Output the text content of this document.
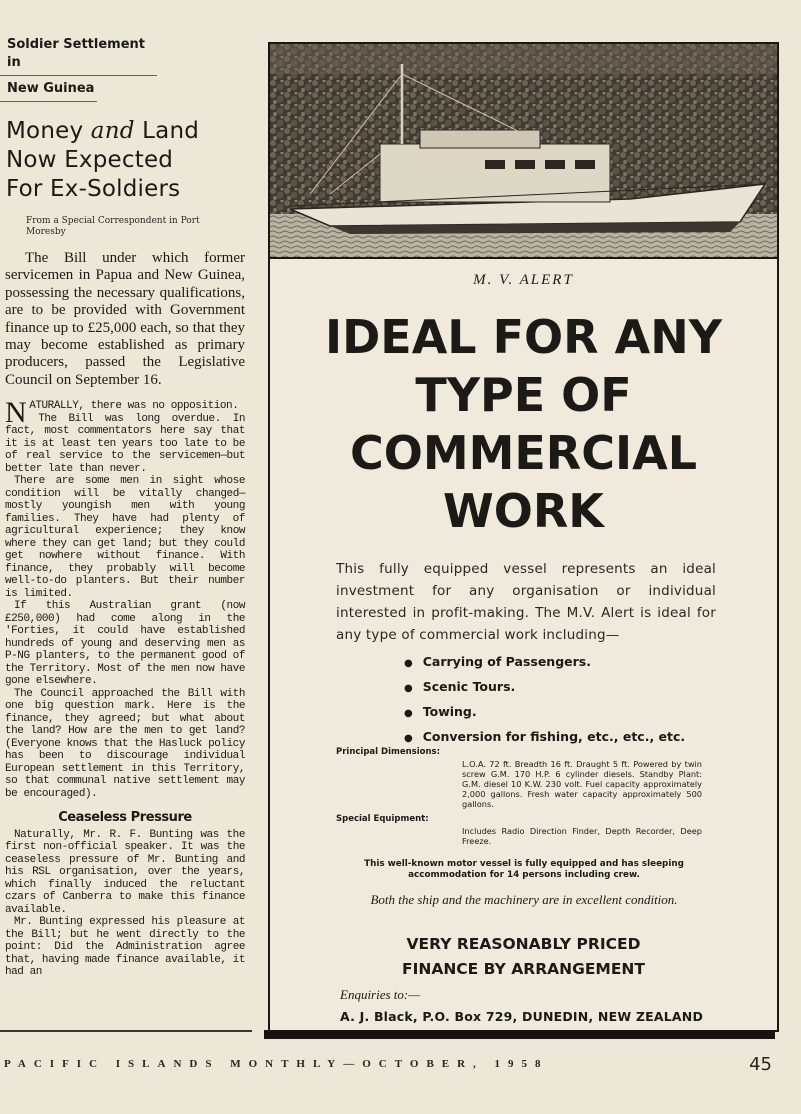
Soldier Settlement in
New Guinea
Money and Land
Now Expected
For Ex-Soldiers
From a Special Correspondent in Port Moresby
The Bill under which former servicemen in Papua and New Guinea, possessing the necessary qualifications, are to be provided with Government finance up to £25,000 each, so that they may become established as primary producers, passed the Legislative Council on September 16.

NATURALLY, there was no opposition.

The Bill was long overdue. In fact, most commentators here say that it is at least ten years too late to be of real service to the servicemen—but better late than never.

There are some men in sight whose condition will be vitally changed—mostly youngish men with young families. They have had plenty of agricultural experience; they know where they can get land; but they could get nowhere without finance. With finance, they probably will become well-to-do planters. But their number is limited.

If this Australian grant (now £250,000) had come along in the 'Forties, it could have established hundreds of young and deserving men as P-NG planters, to the permanent good of the Territory. Most of the men now have gone elsewhere.

The Council approached the Bill with one big question mark. Here is the finance, they agreed; but what about the land? How are the men to get land? (Everyone knows that the Hasluck policy has been to discourage individual European settlement in this Territory, so that communal native settlement may be encouraged).

Ceaseless Pressure

Naturally, Mr. R. F. Bunting was the first non-official speaker. It was the ceaseless pressure of Mr. Bunting and his RSL organisation, over the years, which finally induced the reluctant czars of Canberra to make this finance available.

Mr. Bunting expressed his pleasure at the Bill; but he went directly to the point: Did the Administration agree that, having made finance available, it had an

M. V. ALERT
IDEAL FOR ANY
TYPE OF
COMMERCIAL
WORK
This fully equipped vessel represents an ideal investment for any organisation or individual interested in profit-making. The M.V. Alert is ideal for any type of commercial work including—
● Carrying of Passengers.
● Scenic Tours.
● Towing.
● Conversion for fishing, etc., etc., etc.
Principal Dimensions:
L.O.A. 72 ft. Breadth 16 ft. Draught 5 ft. Powered by twin screw G.M. 170 H.P. 6 cylinder diesels. Standby Plant: G.M. diesel 10 K.W. 230 volt. Fuel capacity approximately 2,000 gallons. Fresh water capacity approximately 500 gallons.
Special Equipment:
Includes Radio Direction Finder, Depth Recorder, Deep Freeze.
This well-known motor vessel is fully equipped and has sleeping accommodation for 14 persons including crew.
Both the ship and the machinery are in excellent condition.
VERY REASONABLY PRICED
FINANCE BY ARRANGEMENT
Enquiries to:—
A. J. Black, P.O. Box 729, DUNEDIN, NEW ZEALAND
PACIFIC ISLANDS MONTHLY—OCTOBER, 1958	45
